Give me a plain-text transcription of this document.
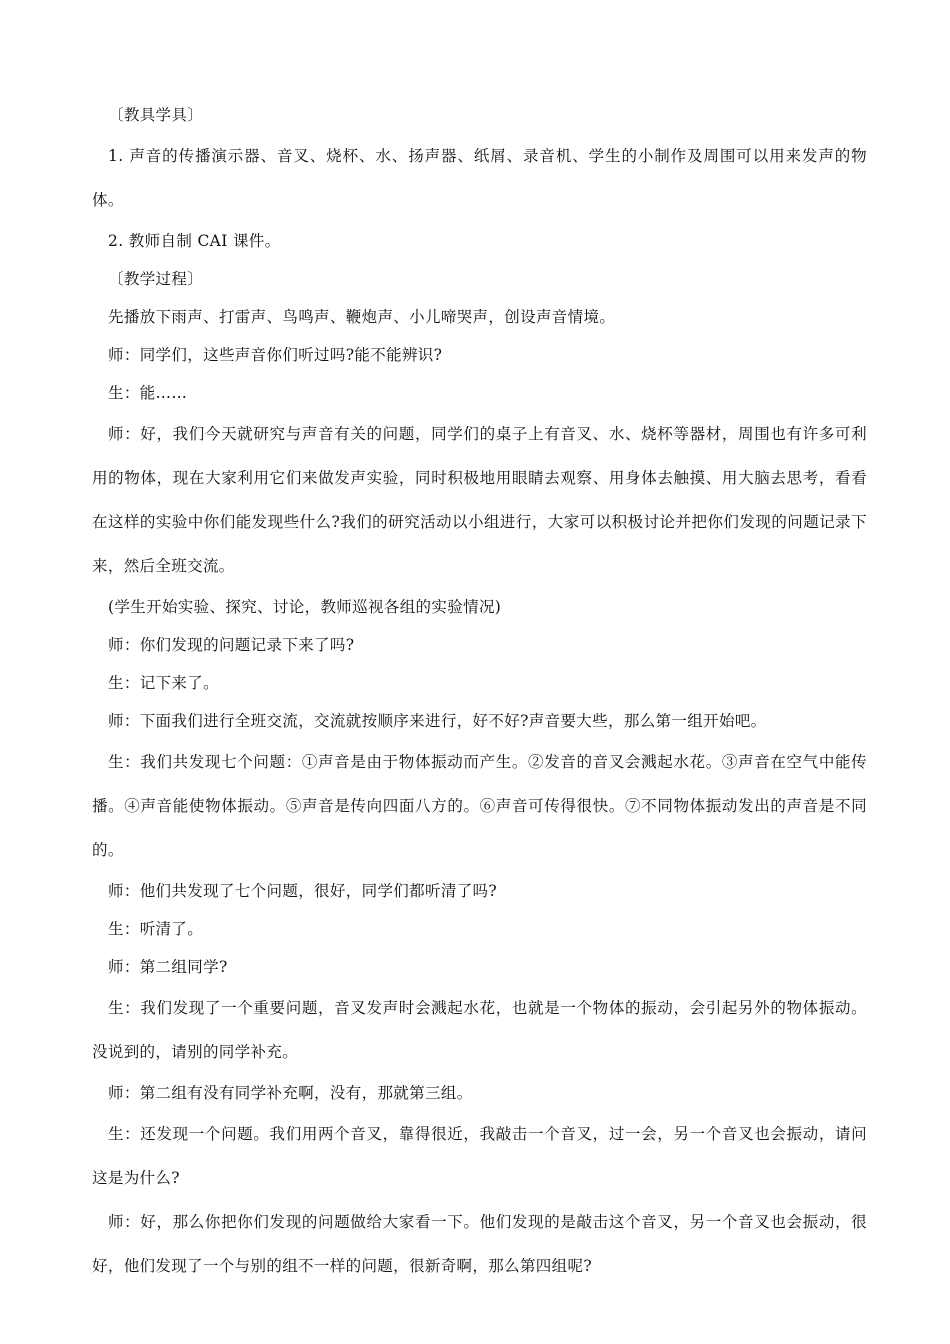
〔教具学具〕

1. 声音的传播演示器、音叉、烧杯、水、扬声器、纸屑、录音机、学生的小制作及周围可以用来发声的物体。

2. 教师自制 CAI 课件。

〔教学过程〕

先播放下雨声、打雷声、鸟鸣声、鞭炮声、小儿啼哭声，创设声音情境。

师：同学们，这些声音你们听过吗?能不能辨识?

生：能……

师：好，我们今天就研究与声音有关的问题，同学们的桌子上有音叉、水、烧杯等器材，周围也有许多可利用的物体，现在大家利用它们来做发声实验，同时积极地用眼睛去观察、用身体去触摸、用大脑去思考，看看在这样的实验中你们能发现些什么?我们的研究活动以小组进行，大家可以积极讨论并把你们发现的问题记录下来，然后全班交流。

(学生开始实验、探究、讨论，教师巡视各组的实验情况)

师：你们发现的问题记录下来了吗?

生：记下来了。

师：下面我们进行全班交流，交流就按顺序来进行，好不好?声音要大些，那么第一组开始吧。

生：我们共发现七个问题：①声音是由于物体振动而产生。②发音的音叉会溅起水花。③声音在空气中能传播。④声音能使物体振动。⑤声音是传向四面八方的。⑥声音可传得很快。⑦不同物体振动发出的声音是不同的。

师：他们共发现了七个问题，很好，同学们都听清了吗?

生：听清了。

师：第二组同学?

生：我们发现了一个重要问题，音叉发声时会溅起水花，也就是一个物体的振动，会引起另外的物体振动。没说到的，请别的同学补充。

师：第二组有没有同学补充啊，没有，那就第三组。

生：还发现一个问题。我们用两个音叉，靠得很近，我敲击一个音叉，过一会，另一个音叉也会振动，请问这是为什么?

师：好，那么你把你们发现的问题做给大家看一下。他们发现的是敲击这个音叉，另一个音叉也会振动，很好，他们发现了一个与别的组不一样的问题，很新奇啊，那么第四组呢?
